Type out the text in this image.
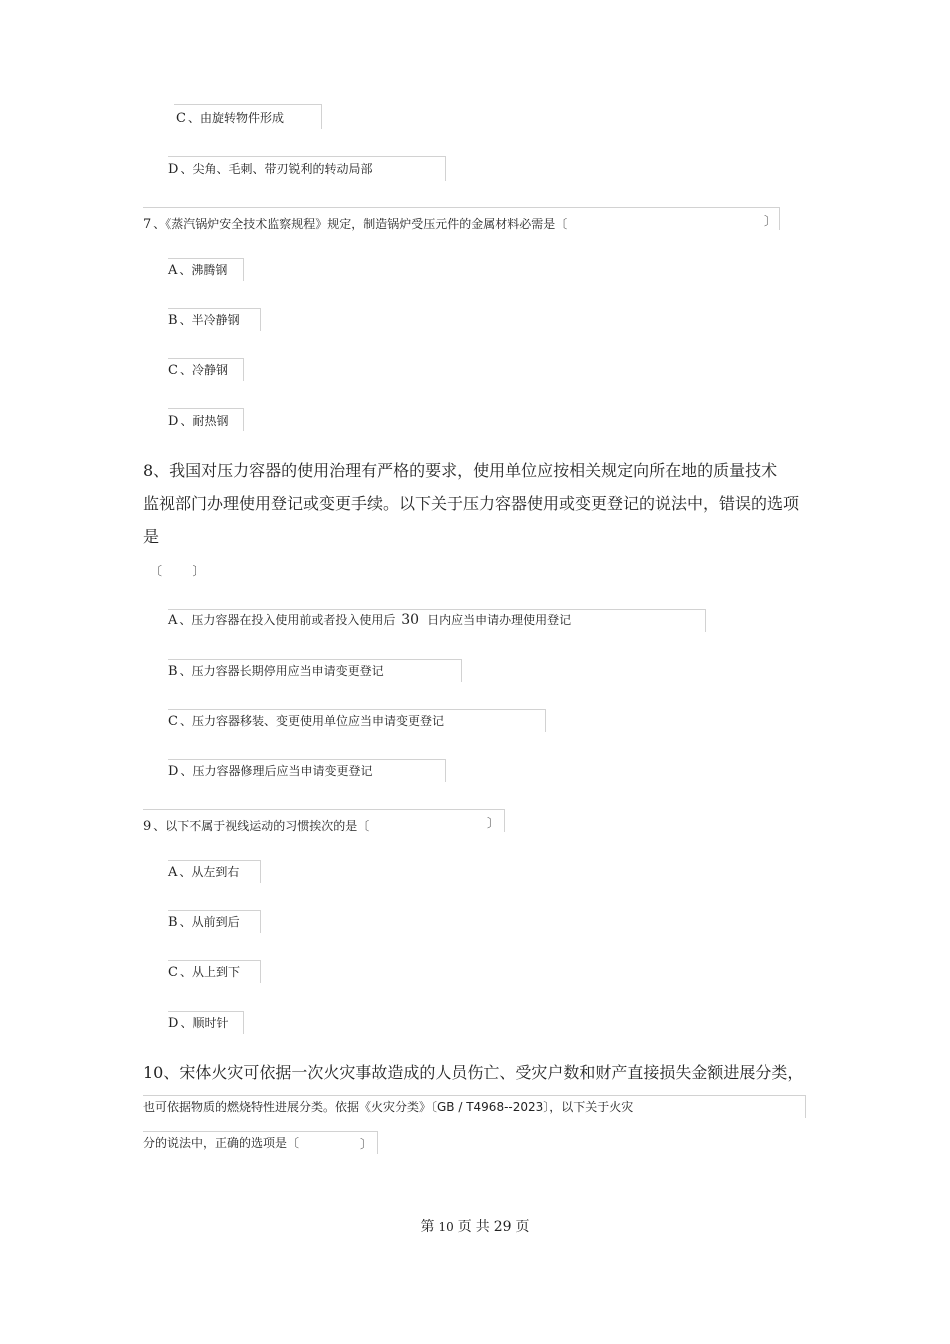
C 、由旋转物件形成
D 、尖角、毛刺、带刃锐利的转动局部
7 、《蒸汽锅炉安全技术监察规程》规定，制造锅炉受压元件的金属材料必需是〔	〕
A 、沸腾钢
B 、半冷静钢
C 、冷静钢
D 、耐热钢
8、我国对压力容器的使用治理有严格的要求，使用单位应按相关规定向所在地的质量技术
监视部门办理使用登记或变更手续。以下关于压力容器使用或变更登记的说法中，错误的选项
是
〔        〕
A 、压力容器在投入使用前或者投入使用后 30 日内应当申请办理使用登记
B 、压力容器长期停用应当申请变更登记
C 、压力容器移装、变更使用单位应当申请变更登记
D 、压力容器修理后应当申请变更登记
9 、以下不属于视线运动的习惯挨次的是〔	〕
A 、从左到右
B 、从前到后
C 、从上到下
D 、顺时针
10、宋体火灾可依据一次火灾事故造成的人员伤亡、受灾户数和财产直接损失金额进展分类，
也可依据物质的燃烧特性进展分类。依据《火灾分类》〔GB / T4968--2023〕，以下关于火灾
分的说法中，正确的选项是〔	〕
第 10 页 共 29 页
